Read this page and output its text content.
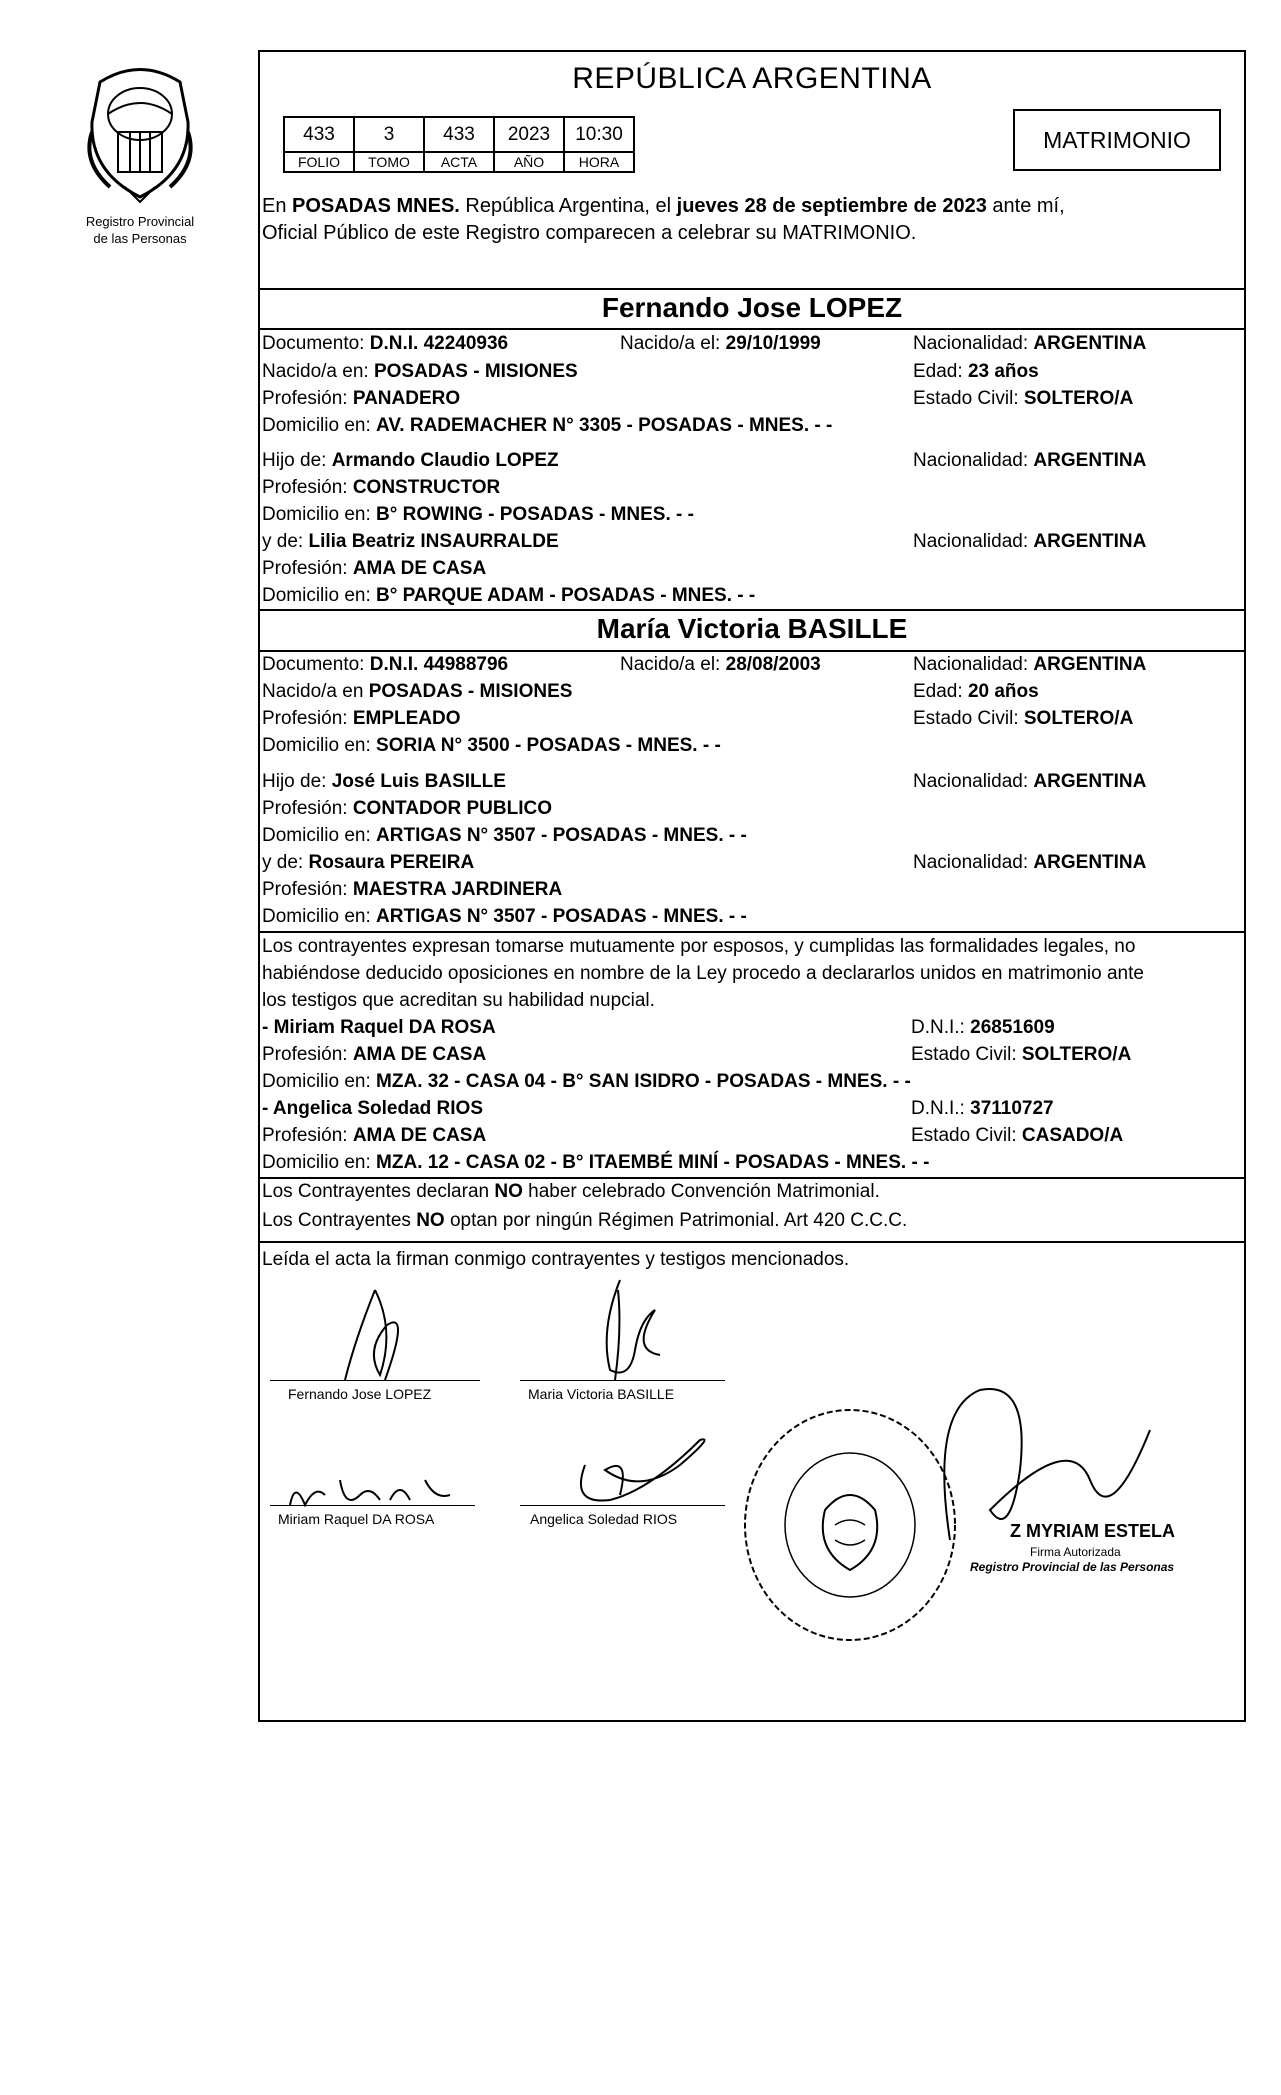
Registro Provincial
de las Personas
REPÚBLICA ARGENTINA
433	3	433	2023	10:30
FOLIO	TOMO	ACTA	AÑO	HORA
MATRIMONIO
En POSADAS MNES. República Argentina, el jueves 28 de septiembre de 2023 ante mí,
Oficial Público de este Registro comparecen a celebrar su MATRIMONIO.
Fernando Jose LOPEZ
Documento: D.N.I. 42240936	Nacido/a el: 29/10/1999	Nacionalidad: ARGENTINA
Nacido/a en: POSADAS - MISIONES	Edad: 23 años
Profesión: PANADERO	Estado Civil: SOLTERO/A
Domicilio en: AV. RADEMACHER N° 3305 - POSADAS - MNES. - -
Hijo de: Armando Claudio LOPEZ	Nacionalidad: ARGENTINA
Profesión: CONSTRUCTOR
Domicilio en: B° ROWING - POSADAS - MNES. - -
y de: Lilia Beatriz INSAURRALDE	Nacionalidad: ARGENTINA
Profesión: AMA DE CASA
Domicilio en: B° PARQUE ADAM - POSADAS - MNES. - -
María Victoria BASILLE
Documento: D.N.I. 44988796	Nacido/a el: 28/08/2003	Nacionalidad: ARGENTINA
Nacido/a en POSADAS - MISIONES	Edad: 20 años
Profesión: EMPLEADO	Estado Civil: SOLTERO/A
Domicilio en: SORIA N° 3500 - POSADAS - MNES. - -
Hijo de: José Luis BASILLE	Nacionalidad: ARGENTINA
Profesión: CONTADOR PUBLICO
Domicilio en: ARTIGAS N° 3507 - POSADAS - MNES. - -
y de: Rosaura PEREIRA	Nacionalidad: ARGENTINA
Profesión: MAESTRA JARDINERA
Domicilio en: ARTIGAS N° 3507 - POSADAS - MNES. - -
Los contrayentes expresan tomarse mutuamente por esposos, y cumplidas las formalidades legales, no
habiéndose deducido oposiciones en nombre de la Ley procedo a declararlos unidos en matrimonio ante
los testigos que acreditan su habilidad nupcial.
- Miriam Raquel DA ROSA	D.N.I.: 26851609
Profesión: AMA DE CASA	Estado Civil: SOLTERO/A
Domicilio en: MZA. 32 - CASA 04 - B° SAN ISIDRO - POSADAS - MNES. - -
- Angelica Soledad RIOS	D.N.I.: 37110727
Profesión: AMA DE CASA	Estado Civil: CASADO/A
Domicilio en: MZA. 12 - CASA 02 - B° ITAEMBÉ MINÍ - POSADAS - MNES. - -
Los Contrayentes declaran NO haber celebrado Convención Matrimonial.
Los Contrayentes NO optan por ningún Régimen Patrimonial. Art 420 C.C.C.
Leída el acta la firman conmigo contrayentes y testigos mencionados.
Fernando Jose LOPEZ	Maria Victoria BASILLE
Miriam Raquel DA ROSA	Angelica Soledad RIOS
Z MYRIAM ESTELA
Firma Autorizada
Registro Provincial de las Personas
